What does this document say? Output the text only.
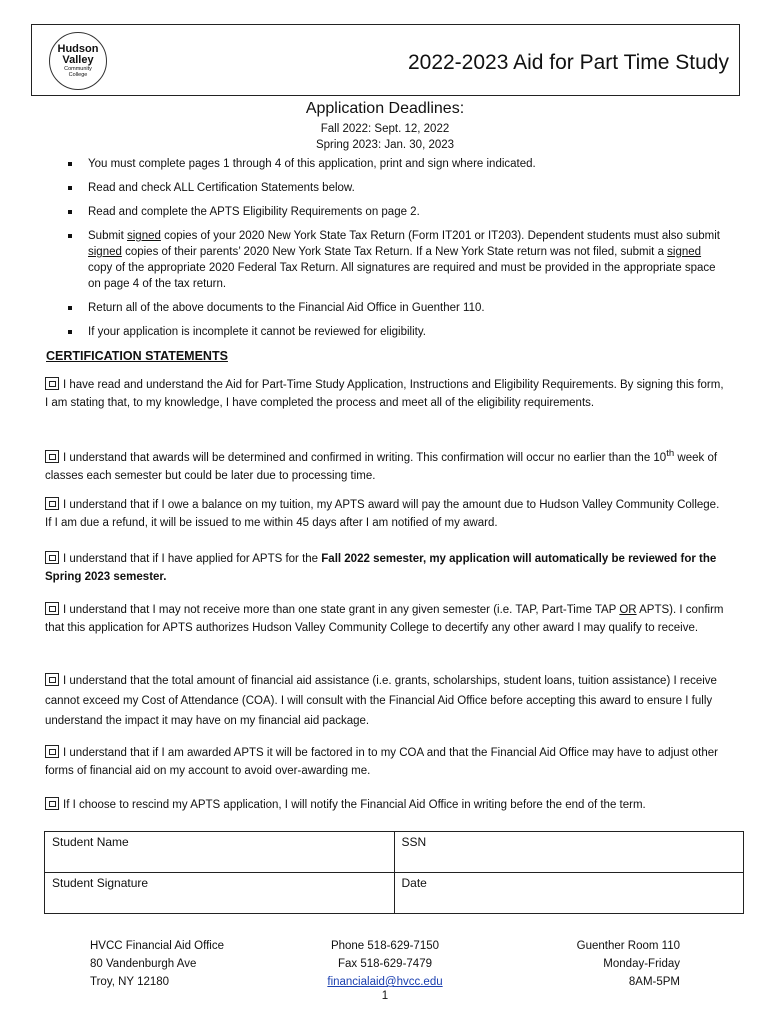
Hudson
Valley
Community
College
2022-2023 Aid for Part Time Study
Application Deadlines:
Fall 2022: Sept. 12, 2022
Spring 2023: Jan. 30, 2023
You must complete pages 1 through 4 of this application, print and sign where indicated.
Read and check ALL Certification Statements below.
Read and complete the APTS Eligibility Requirements on page 2.
Submit signed copies of your 2020 New York State Tax Return (Form IT201 or IT203). Dependent students must also submit signed copies of their parents’ 2020 New York State Tax Return. If a New York State return was not filed, submit a signed copy of the appropriate 2020 Federal Tax Return. All signatures are required and must be provided in the appropriate space on page 4 of the tax return.
Return all of the above documents to the Financial Aid Office in Guenther 110.
If your application is incomplete it cannot be reviewed for eligibility.
CERTIFICATION STATEMENTS
I have read and understand the Aid for Part-Time Study Application, Instructions and Eligibility Requirements. By signing this form, I am stating that, to my knowledge, I have completed the process and meet all of the eligibility requirements.
I understand that awards will be determined and confirmed in writing. This confirmation will occur no earlier than the 10th week of classes each semester but could be later due to processing time.
I understand that if I owe a balance on my tuition, my APTS award will pay the amount due to Hudson Valley Community College. If I am due a refund, it will be issued to me within 45 days after I am notified of my award.
I understand that if I have applied for APTS for the Fall 2022 semester, my application will automatically be reviewed for the Spring 2023 semester.
I understand that I may not receive more than one state grant in any given semester (i.e. TAP, Part-Time TAP OR APTS). I confirm that this application for APTS authorizes Hudson Valley Community College to decertify any other award I may qualify to receive.
I understand that the total amount of financial aid assistance (i.e. grants, scholarships, student loans, tuition assistance) I receive cannot exceed my Cost of Attendance (COA). I will consult with the Financial Aid Office before accepting this award to ensure I fully understand the impact it may have on my financial aid package.
I understand that if I am awarded APTS it will be factored in to my COA and that the Financial Aid Office may have to adjust other forms of financial aid on my account to avoid over-awarding me.
If I choose to rescind my APTS application, I will notify the Financial Aid Office in writing before the end of the term.
Student Name	SSN
Student Signature	Date
HVCC Financial Aid Office
80 Vandenburgh Ave
Troy, NY 12180
Phone 518-629-7150
Fax 518-629-7479
financialaid@hvcc.edu
Guenther Room 110
Monday-Friday
8AM-5PM
1
